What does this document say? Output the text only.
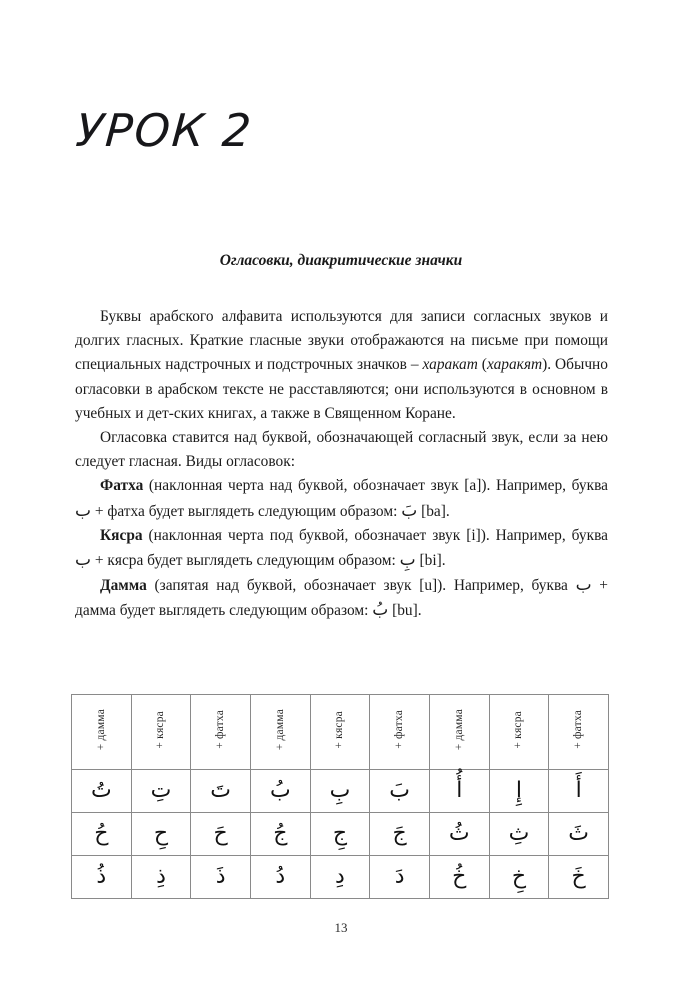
УРОК 2
Огласовки, диакритические значки

Буквы арабского алфавита используются для записи согласных звуков и долгих гласных. Краткие гласные звуки отображаются на письме при помощи специальных надстрочных и подстрочных значков – харакат (харакят). Обычно огласовки в арабском тексте не расставляются; они используются в основном в учебных и дет-ских книгах, а также в Священном Коране.

Огласовка ставится над буквой, обозначающей согласный звук, если за нею следует гласная. Виды огласовок:

Фатха (наклонная черта над буквой, обозначает звук [a]). Например, буква ب + фатха будет выглядеть следующим образом: بَ [ba].

Кясра (наклонная черта под буквой, обозначает звук [i]). Например, буква ب + кясра будет выглядеть следующим образом: بِ [bi].

Дамма (запятая над буквой, обозначает звук [u]). Например, буква ب + дамма будет выглядеть следующим образом: بُ [bu].

+ дамма	+ кясра	+ фатха	+ дамма	+ кясра	+ фатха	+ дамма	+ кясра	+ фатха
تُ	تِ	تَ	بُ	بِ	بَ	أُ	إِ	أَ
حُ	حِ	حَ	جُ	جِ	جَ	ثُ	ثِ	ثَ
ذُ	ذِ	ذَ	دُ	دِ	دَ	خُ	خِ	خَ
13
